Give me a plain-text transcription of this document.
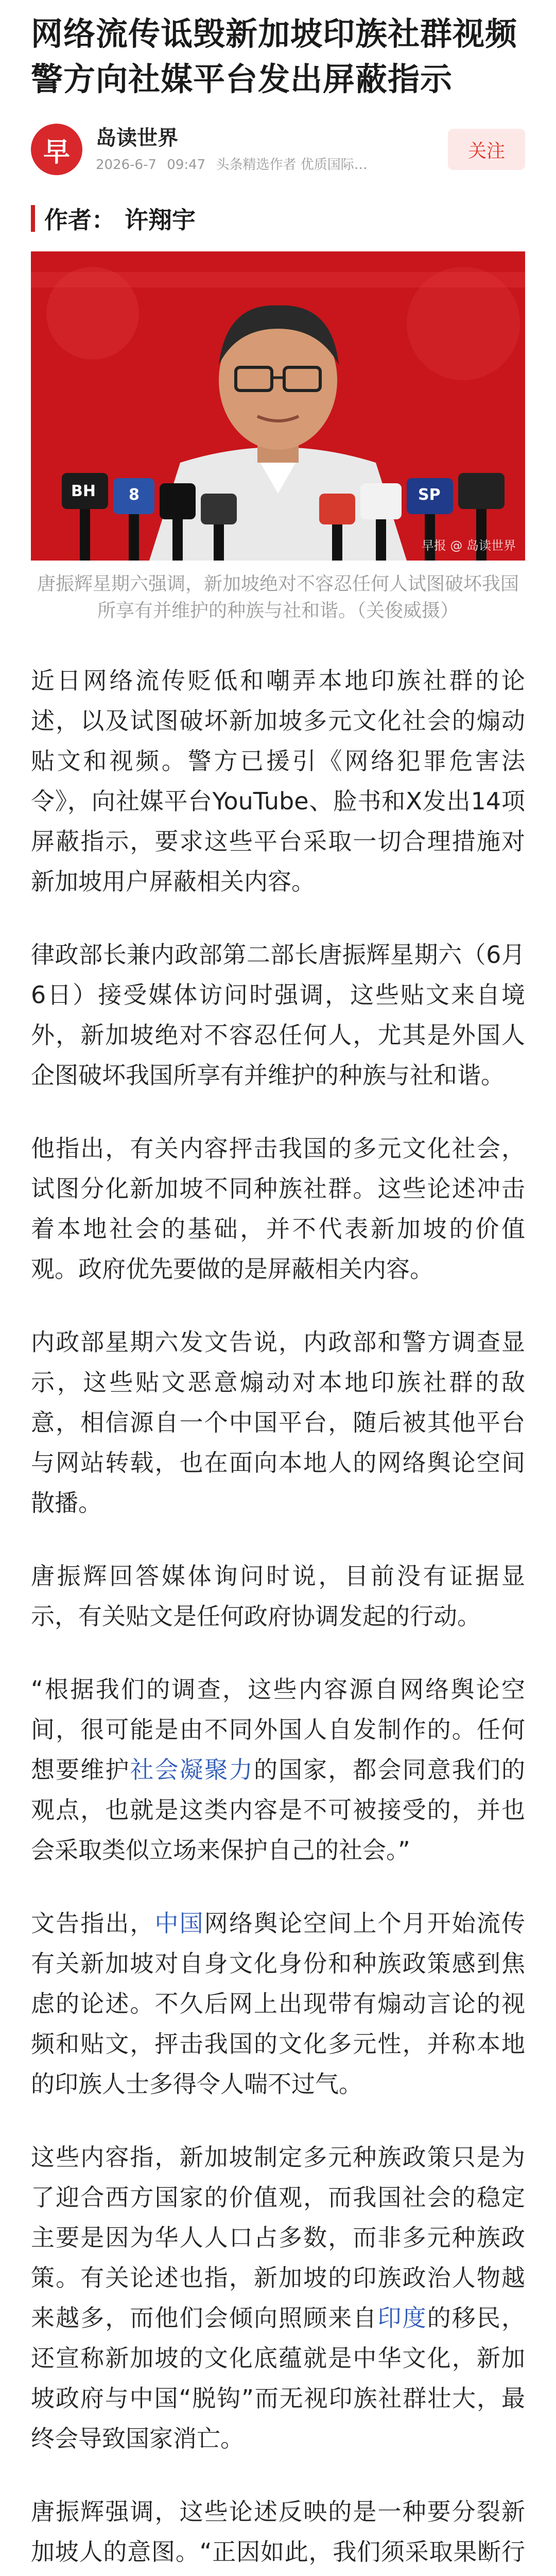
网络流传诋毁新加坡印族社群视频 警方向社媒平台发出屏蔽指示
早	岛读世界
2026-6-7 09:47 头条精选作者 优质国际…
关注
作者： 许翔宇
BH 8	SP
早报 @ 岛读世界
唐振辉星期六强调，新加坡绝对不容忍任何人试图破坏我国所享有并维护的种族与社和谐。（关俊威摄）

近日网络流传贬低和嘲弄本地印族社群的论述，以及试图破坏新加坡多元文化社会的煽动贴文和视频。警方已援引《网络犯罪危害法令》，向社媒平台YouTube、脸书和X发出14项屏蔽指示，要求这些平台采取一切合理措施对新加坡用户屏蔽相关内容。

律政部长兼内政部第二部长唐振辉星期六（6月6日）接受媒体访问时强调，这些贴文来自境外，新加坡绝对不容忍任何人，尤其是外国人企图破坏我国所享有并维护的种族与社和谐。

他指出，有关内容抨击我国的多元文化社会，试图分化新加坡不同种族社群。这些论述冲击着本地社会的基础，并不代表新加坡的价值观。政府优先要做的是屏蔽相关内容。

内政部星期六发文告说，内政部和警方调查显示，这些贴文恶意煽动对本地印族社群的敌意，相信源自一个中国平台，随后被其他平台与网站转载，也在面向本地人的网络舆论空间散播。

唐振辉回答媒体询问时说，目前没有证据显示，有关贴文是任何政府协调发起的行动。

“根据我们的调查，这些内容源自网络舆论空间，很可能是由不同外国人自发制作的。任何想要维护社会凝聚力的国家，都会同意我们的观点，也就是这类内容是不可被接受的，并也会采取类似立场来保护自己的社会。”

文告指出，中国网络舆论空间上个月开始流传有关新加坡对自身文化身份和种族政策感到焦虑的论述。不久后网上出现带有煽动言论的视频和贴文，抨击我国的文化多元性，并称本地的印族人士多得令人喘不过气。

这些内容指，新加坡制定多元种族政策只是为了迎合西方国家的价值观，而我国社会的稳定主要是因为华人人口占多数，而非多元种族政策。有关论述也指，新加坡的印族政治人物越来越多，而他们会倾向照顾来自印度的移民，还宣称新加坡的文化底蕴就是中华文化，新加坡政府与中国“脱钩”而无视印族社群壮大，最终会导致国家消亡。

唐振辉强调，这些论述反映的是一种要分裂新加坡人的意图。“正因如此，我们须采取果断行
